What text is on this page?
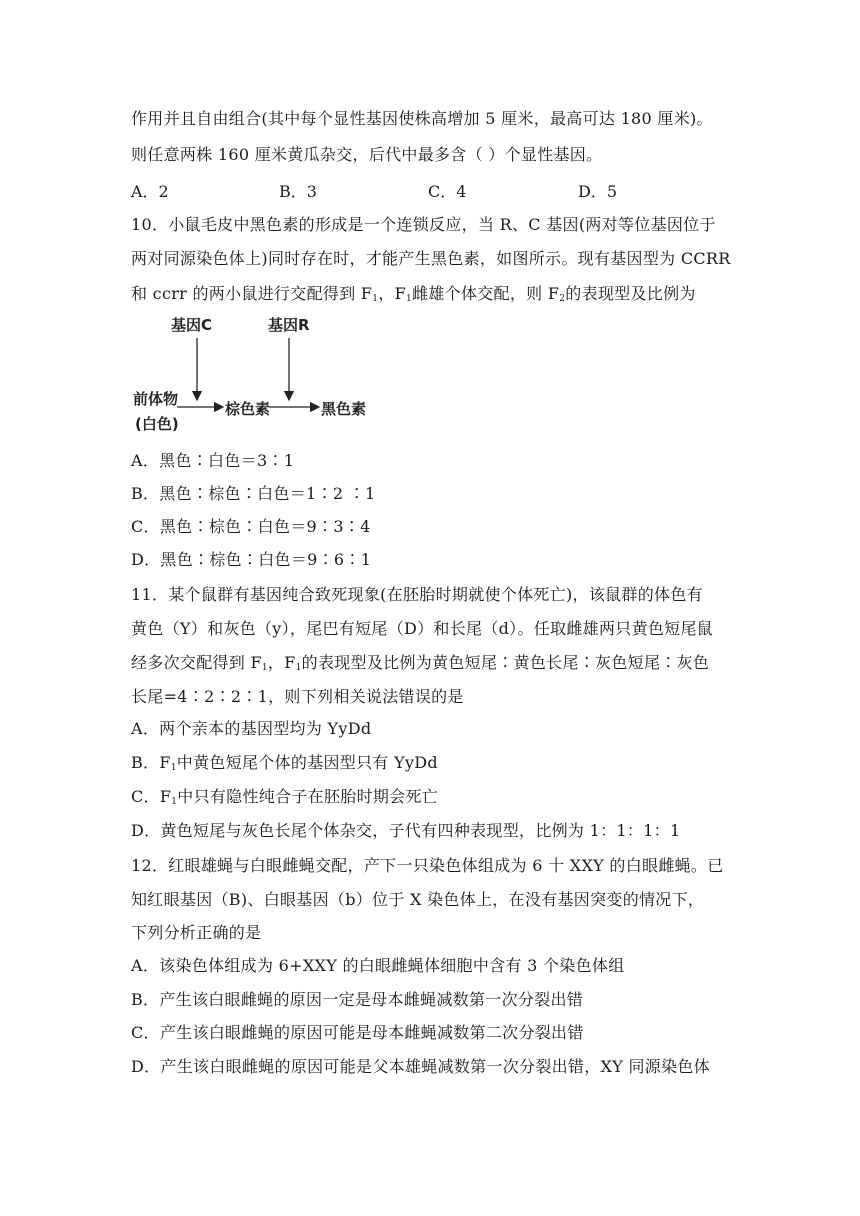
作用并且自由组合(其中每个显性基因使株高增加 5 厘米，最高可达 180 厘米)。
则任意两株 160 厘米黄瓜杂交，后代中最多含（ ）个显性基因。
A．2	B．3	C．4	D．5
10．小鼠毛皮中黑色素的形成是一个连锁反应，当 R、C 基因(两对等位基因位于
两对同源染色体上)同时存在时，才能产生黑色素，如图所示。现有基因型为 CCRR
和 ccrr 的两小鼠进行交配得到 $F_1$，$F_1$雌雄个体交配，则 $F_2$的表现型及比例为
基因C	基因R
前体物
(白色)
棕色素	黑色素
A．黑色∶白色＝3∶1
B．黑色∶棕色∶白色＝1∶2 ∶1
C．黑色∶棕色∶白色＝9∶3∶4
D．黑色∶棕色∶白色＝9∶6∶1
11．某个鼠群有基因纯合致死现象(在胚胎时期就使个体死亡)，该鼠群的体色有
黄色（Y）和灰色（y），尾巴有短尾（D）和长尾（d）。任取雌雄两只黄色短尾鼠
经多次交配得到 $F_1$，$F_1$的表现型及比例为黄色短尾∶黄色长尾∶灰色短尾∶灰色
长尾=4∶2∶2∶1，则下列相关说法错误的是
A．两个亲本的基因型均为 YyDd
B．$F_1$中黄色短尾个体的基因型只有 YyDd
C．$F_1$中只有隐性纯合子在胚胎时期会死亡
D．黄色短尾与灰色长尾个体杂交，子代有四种表现型，比例为 1：1：1：1
12．红眼雄蝇与白眼雌蝇交配，产下一只染色体组成为 6 十 XXY 的白眼雌蝇。已
知红眼基因（B)、白眼基因（b）位于 X 染色体上，在没有基因突变的情况下，
下列分析正确的是
A．该染色体组成为 6+XXY 的白眼雌蝇体细胞中含有 3 个染色体组
B．产生该白眼雌蝇的原因一定是母本雌蝇减数第一次分裂出错
C．产生该白眼雌蝇的原因可能是母本雌蝇减数第二次分裂出错
D．产生该白眼雌蝇的原因可能是父本雄蝇减数第一次分裂出错，XY 同源染色体
